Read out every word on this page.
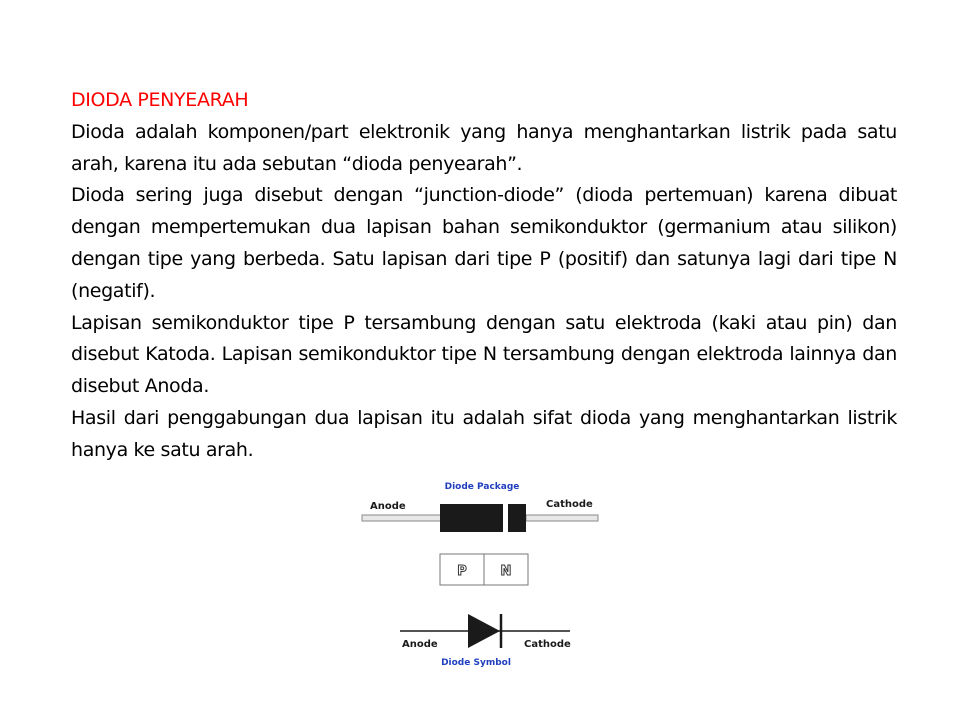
DIODA PENYEARAH

Dioda adalah komponen/part elektronik yang hanya menghantarkan listrik pada satu arah, karena itu ada sebutan “dioda penyearah”.

Dioda sering juga disebut dengan “junction-diode” (dioda pertemuan) karena dibuat dengan mempertemukan dua lapisan bahan semikonduktor (germanium atau silikon) dengan tipe yang berbeda. Satu lapisan dari tipe P (positif) dan satunya lagi dari tipe N (negatif).

Lapisan semikonduktor tipe P tersambung dengan satu elektroda (kaki atau pin) dan disebut Katoda. Lapisan semikonduktor tipe N tersambung dengan elektroda lainnya dan disebut Anoda.

Hasil dari penggabungan dua lapisan itu adalah sifat dioda yang menghantarkan listrik hanya ke satu arah.

Diode Package
Anode	Cathode
P	N
Anode	Cathode
Diode Symbol
